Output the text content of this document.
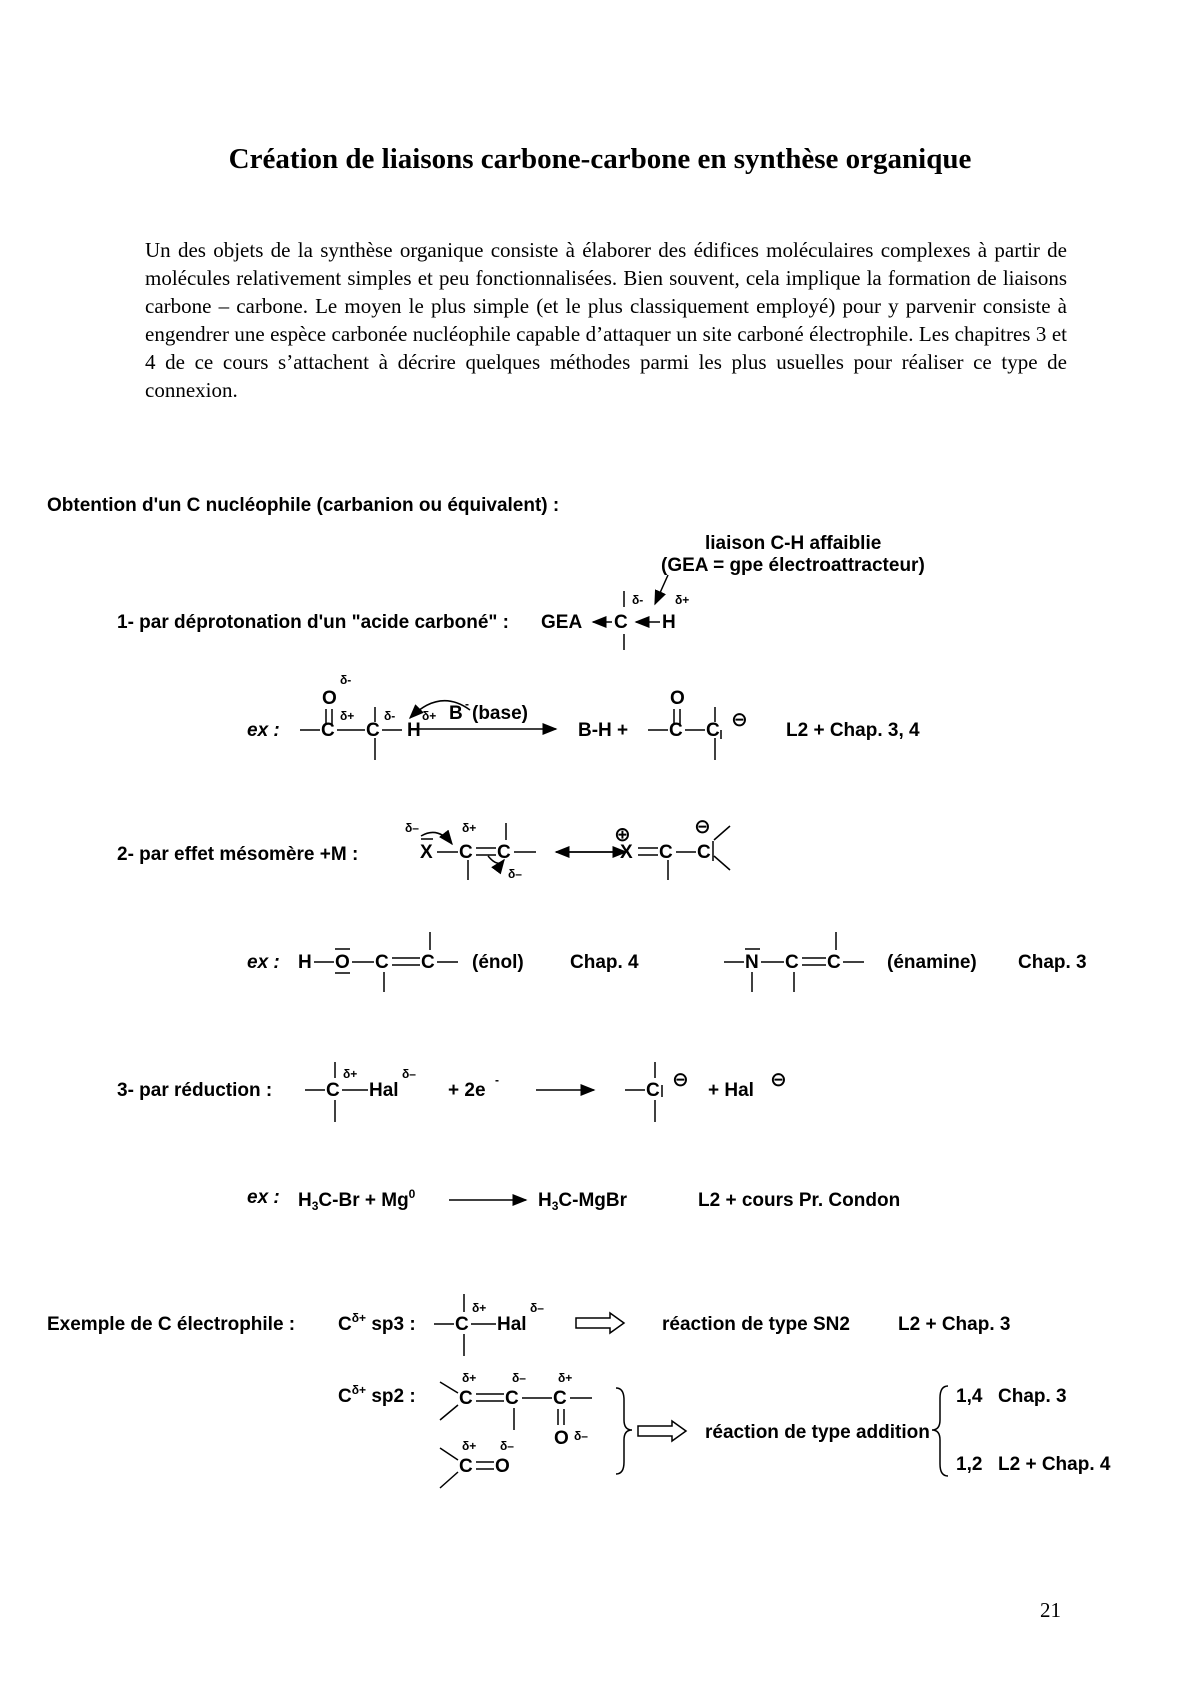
Création de liaisons carbone-carbone en synthèse organique
Un des objets de la synthèse organique consiste à élaborer des édifices moléculaires complexes à partir de molécules relativement simples et peu fonctionnalisées. Bien souvent, cela implique la formation de liaisons carbone – carbone. Le moyen le plus simple (et le plus classiquement employé) pour y parvenir consiste à engendrer une espèce carbonée nucléophile capable d’attaquer un site carboné électrophile. Les chapitres 3 et 4 de ce cours s’attachent à décrire quelques méthodes parmi les plus usuelles pour réaliser ce type de connexion.
Obtention d'un C nucléophile (carbanion ou équivalent) :
liaison C-H affaiblie
(GEA = gpe électroattracteur)
1- par déprotonation d'un "acide carboné" : GEA C H
δ-	δ+
ex :
O
δ-
δ+
C C
δ-
H
δ+ B - (base)
B-H +
O
C C ⊖ L2 + Chap. 3, 4
2- par effet mésomère +M :
δ–	δ+
X C C
δ–
⊕
X C C
⊖
ex : H O C C (énol) Chap. 4	N C C (énamine) Chap. 3
3- par réduction :	C
δ+
Hal
δ–
+ 2e -	C ⊖ + Hal ⊖
ex : $H_3C-Br + Mg^0$	$H_3C$-MgBr	L2 + cours Pr. Condon
Exemple de C électrophile : $C^{\delta+}$ sp3 : C
δ+
Hal
δ–
réaction de type SN2	L2 + Chap. 3
$C^{\delta+}$ sp2 : C
δ+
C
δ–
C
δ+
O δ–
C
δ+
O
δ–
réaction de type addition
1,4 Chap. 3
1,2 L2 + Chap. 4
21
